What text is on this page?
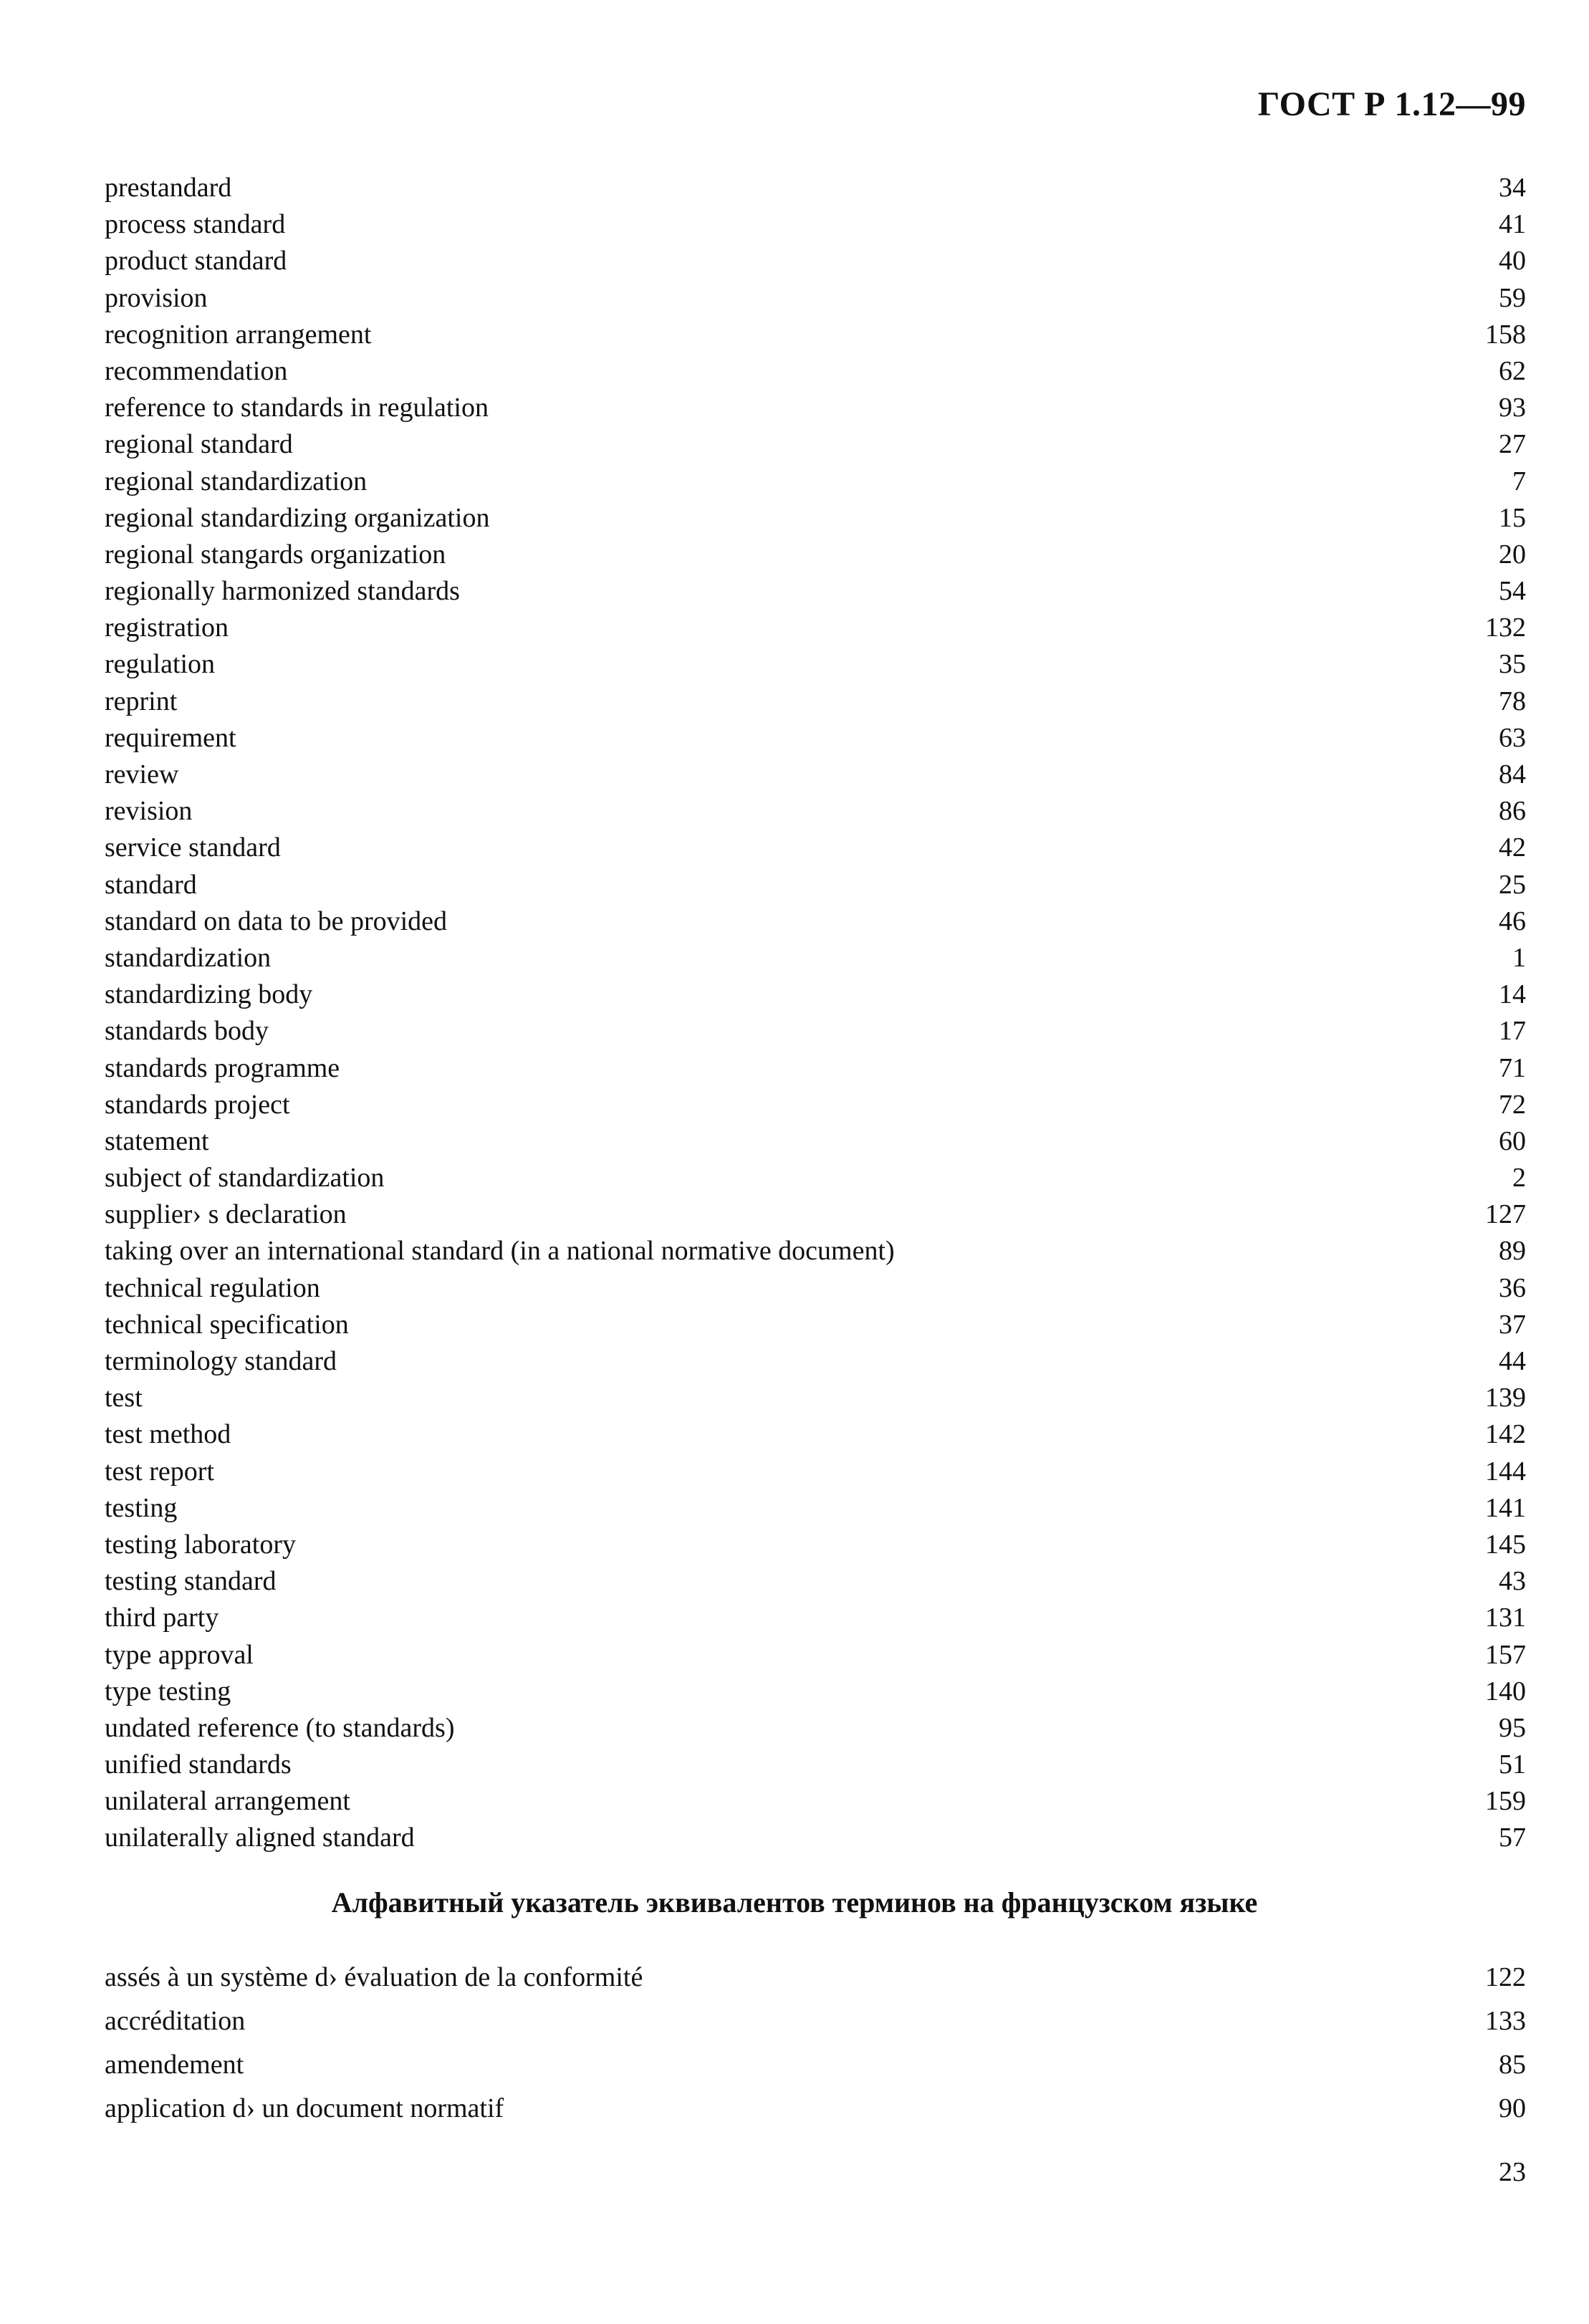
ГОСТ Р 1.12—99
prestandard	34
process standard	41
product standard	40
provision	59
recognition arrangement	158
recommendation	62
reference to standards in regulation	93
regional standard	27
regional standardization	7
regional standardizing organization	15
regional stangards organization	20
regionally harmonized standards	54
registration	132
regulation	35
reprint	78
requirement	63
review	84
revision	86
service standard	42
standard	25
standard on data to be provided	46
standardization	1
standardizing body	14
standards body	17
standards programme	71
standards project	72
statement	60
subject of standardization	2
supplier› s declaration	127
taking over an international standard (in a national normative document)	89
technical regulation	36
technical specification	37
terminology standard	44
test	139
test method	142
test report	144
testing	141
testing laboratory	145
testing standard	43
third party	131
type approval	157
type testing	140
undated reference (to standards)	95
unified standards	51
unilateral arrangement	159
unilaterally aligned standard	57
Алфавитный указатель эквивалентов терминов на французском языке
assés à un systèmе d› évaluation de la conformité	122
accréditation	133
amendement	85
application d› un document normatif	90
23
